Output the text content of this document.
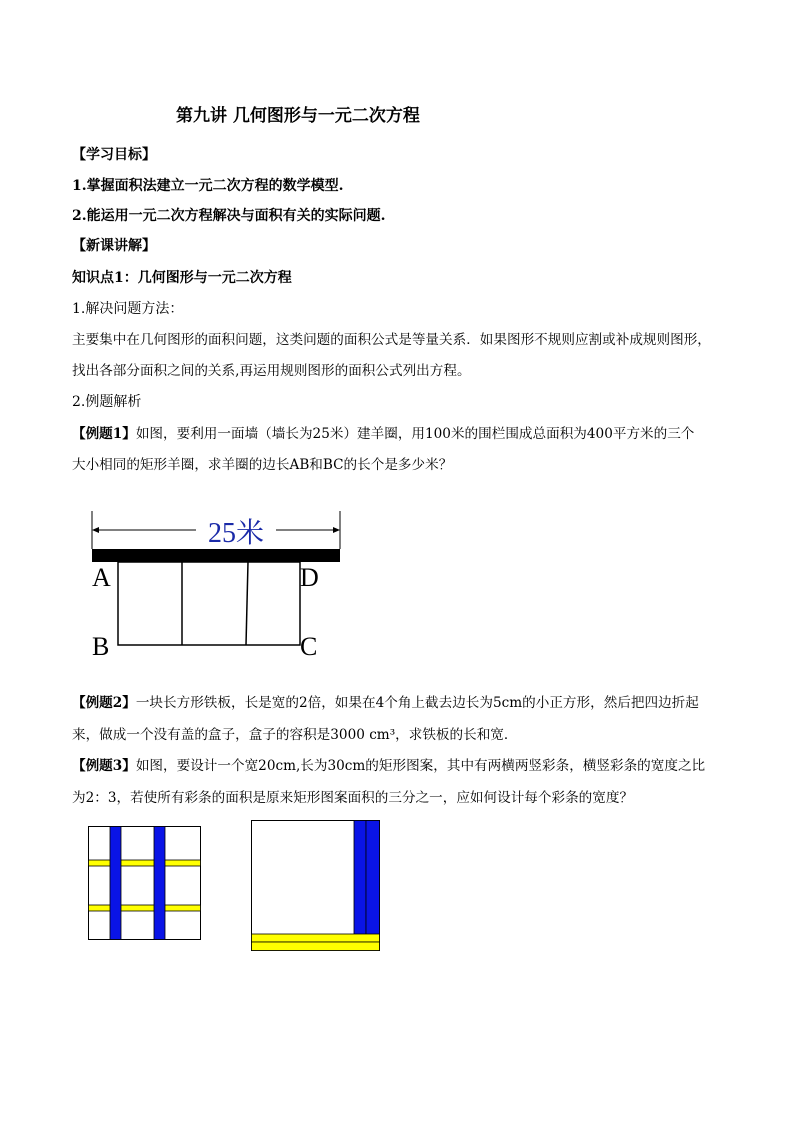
第九讲 几何图形与一元二次方程
【学习目标】
1.掌握面积法建立一元二次方程的数学模型.
2.能运用一元二次方程解决与面积有关的实际问题.
【新课讲解】
知识点1：几何图形与一元二次方程
1.解决问题方法：
主要集中在几何图形的面积问题，这类问题的面积公式是等量关系．如果图形不规则应割或补成规则图形，
找出各部分面积之间的关系,再运用规则图形的面积公式列出方程。
2.例题解析
【例题1】如图，要利用一面墙（墙长为25米）建羊圈，用100米的围栏围成总面积为400平方米的三个
大小相同的矩形羊圈，求羊圈的边长AB和BC的长个是多少米？
25米
A	D
B	C
【例题2】一块长方形铁板，长是宽的2倍，如果在4个角上截去边长为5cm的小正方形，然后把四边折起
来，做成一个没有盖的盒子，盒子的容积是3000 cm³，求铁板的长和宽．
【例题3】如图，要设计一个宽20cm,长为30cm的矩形图案，其中有两横两竖彩条，横竖彩条的宽度之比
为2：3，若使所有彩条的面积是原来矩形图案面积的三分之一，应如何设计每个彩条的宽度？
